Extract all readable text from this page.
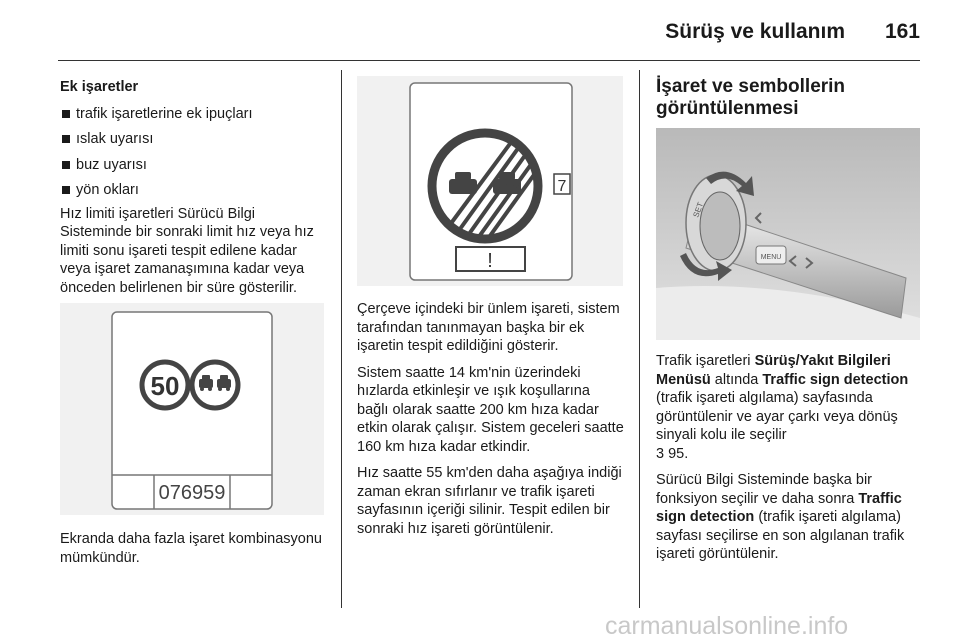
Sürüş ve kullanım	161

Ek işaretler

trafik işaretlerine ek ipuçları
ıslak uyarısı
buz uyarısı
yön okları

Hız limiti işaretleri Sürücü Bilgi Sisteminde bir sonraki limit hız veya hız limiti sonu işareti tespit edilene kadar veya işaret zamanaşımına kadar veya önceden belirlenen bir süre gösterilir.

50
076959

Ekranda daha fazla işaret kombinasyonu mümkündür.

7
!

Çerçeve içindeki bir ünlem işareti, sistem tarafından tanınmayan başka bir ek işaretin tespit edildiğini gösterir.

Sistem saatte 14 km'nin üzerindeki hızlarda etkinleşir ve ışık koşullarına bağlı olarak saatte 200 km hıza kadar etkin olarak çalışır. Sistem geceleri saatte 160 km hıza kadar etkindir.

Hız saatte 55 km'den daha aşağıya indiği zaman ekran sıfırlanır ve trafik işareti sayfasının içeriği silinir. Tespit edilen bir sonraki hız işareti görüntülenir.

İşaret ve sembollerin görüntülenmesi

SET
MENU

Trafik işaretleri Sürüş/Yakıt Bilgileri Menüsü altında Traffic sign detection (trafik işareti algılama) sayfasında görüntülenir ve ayar çarkı veya dönüş sinyali kolu ile seçilir
3 95.

Sürücü Bilgi Sisteminde başka bir fonksiyon seçilir ve daha sonra Traffic sign detection (trafik işareti algılama) sayfası seçilirse en son algılanan trafik işareti görüntülenir.

carmanualsonline.info
